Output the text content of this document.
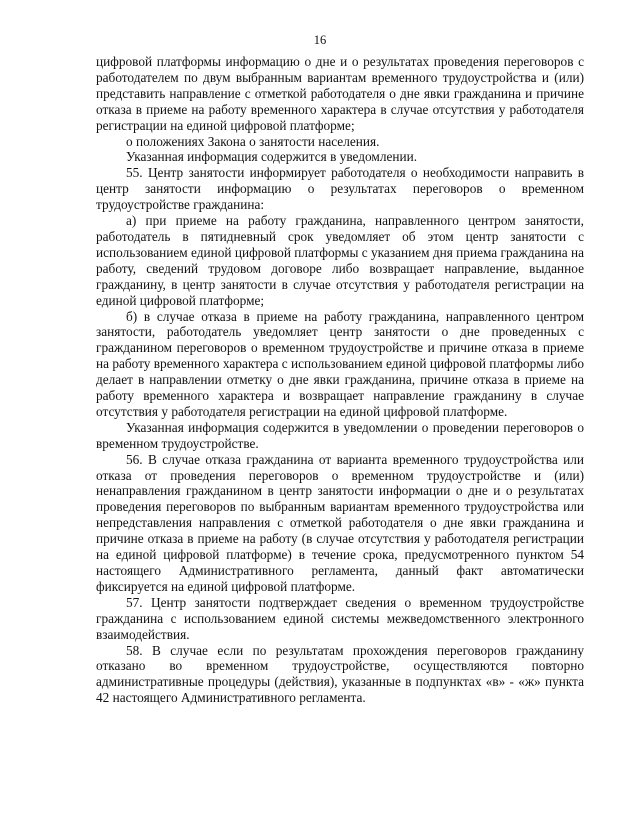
16

цифровой платформы информацию о дне и о результатах проведения переговоров с работодателем по двум выбранным вариантам временного трудоустройства и (или) представить направление с отметкой работодателя о дне явки гражданина и причине отказа в приеме на работу временного характера в случае отсутствия у работодателя регистрации на единой цифровой платформе;

о положениях Закона о занятости населения.

Указанная информация содержится в уведомлении.

55. Центр занятости информирует работодателя о необходимости направить в центр занятости информацию о результатах переговоров о временном трудоустройстве гражданина:

а) при приеме на работу гражданина, направленного центром занятости, работодатель в пятидневный срок уведомляет об этом центр занятости с использованием единой цифровой платформы с указанием дня приема гражданина на работу, сведений трудовом договоре либо возвращает направление, выданное гражданину, в центр занятости в случае отсутствия у работодателя регистрации на единой цифровой платформе;

б) в случае отказа в приеме на работу гражданина, направленного центром занятости, работодатель уведомляет центр занятости о дне проведенных с гражданином переговоров о временном трудоустройстве и причине отказа в приеме на работу временного характера с использованием единой цифровой платформы либо делает в направлении отметку о дне явки гражданина, причине отказа в приеме на работу временного характера и возвращает направление гражданину в случае отсутствия у работодателя регистрации на единой цифровой платформе.

Указанная информация содержится в уведомлении о проведении переговоров о временном трудоустройстве.

56. В случае отказа гражданина от варианта временного трудоустройства или отказа от проведения переговоров о временном трудоустройстве и (или) ненаправления гражданином в центр занятости информации о дне и о результатах проведения переговоров по выбранным вариантам временного трудоустройства или непредставления направления с отметкой работодателя о дне явки гражданина и причине отказа в приеме на работу (в случае отсутствия у работодателя регистрации на единой цифровой платформе) в течение срока, предусмотренного пунктом 54 настоящего Административного регламента, данный факт автоматически фиксируется на единой цифровой платформе.

57. Центр занятости подтверждает сведения о временном трудоустройстве гражданина с использованием единой системы межведомственного электронного взаимодействия.

58. В случае если по результатам прохождения переговоров гражданину отказано во временном трудоустройстве, осуществляются повторно административные процедуры (действия), указанные в подпунктах «в» - «ж» пункта 42 настоящего Административного регламента.
